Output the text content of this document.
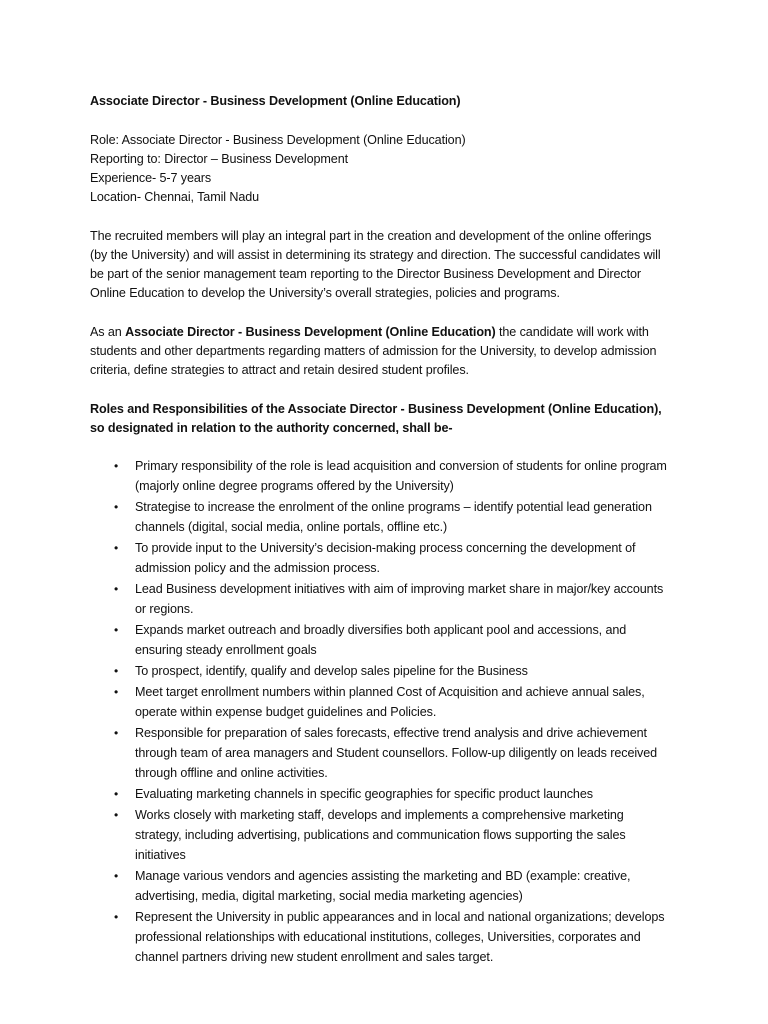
Associate Director - Business Development (Online Education)

Role: Associate Director - Business Development (Online Education)

Reporting to: Director – Business Development

Experience- 5-7 years

Location- Chennai, Tamil Nadu

The recruited members will play an integral part in the creation and development of the online offerings (by the University) and will assist in determining its strategy and direction. The successful candidates will be part of the senior management team reporting to the Director Business Development and Director Online Education to develop the University’s overall strategies, policies and programs.

As an Associate Director - Business Development (Online Education) the candidate will work with students and other departments regarding matters of admission for the University, to develop admission criteria, define strategies to attract and retain desired student profiles.

Roles and Responsibilities of the Associate Director - Business Development (Online Education), so designated in relation to the authority concerned, shall be-

• Primary responsibility of the role is lead acquisition and conversion of students for online program (majorly online degree programs offered by the University)
• Strategise to increase the enrolment of the online programs – identify potential lead generation channels (digital, social media, online portals, offline etc.)
• To provide input to the University’s decision-making process concerning the development of admission policy and the admission process.
• Lead Business development initiatives with aim of improving market share in major/key accounts or regions.
• Expands market outreach and broadly diversifies both applicant pool and accessions, and ensuring steady enrollment goals
• To prospect, identify, qualify and develop sales pipeline for the Business
• Meet target enrollment numbers within planned Cost of Acquisition and achieve annual sales, operate within expense budget guidelines and Policies.
• Responsible for preparation of sales forecasts, effective trend analysis and drive achievement through team of area managers and Student counsellors. Follow-up diligently on leads received through offline and online activities.
• Evaluating marketing channels in specific geographies for specific product launches
• Works closely with marketing staff, develops and implements a comprehensive marketing strategy, including advertising, publications and communication flows supporting the sales initiatives
• Manage various vendors and agencies assisting the marketing and BD (example: creative, advertising, media, digital marketing, social media marketing agencies)
• Represent the University in public appearances and in local and national organizations; develops professional relationships with educational institutions, colleges, Universities, corporates and channel partners driving new student enrollment and sales target.
